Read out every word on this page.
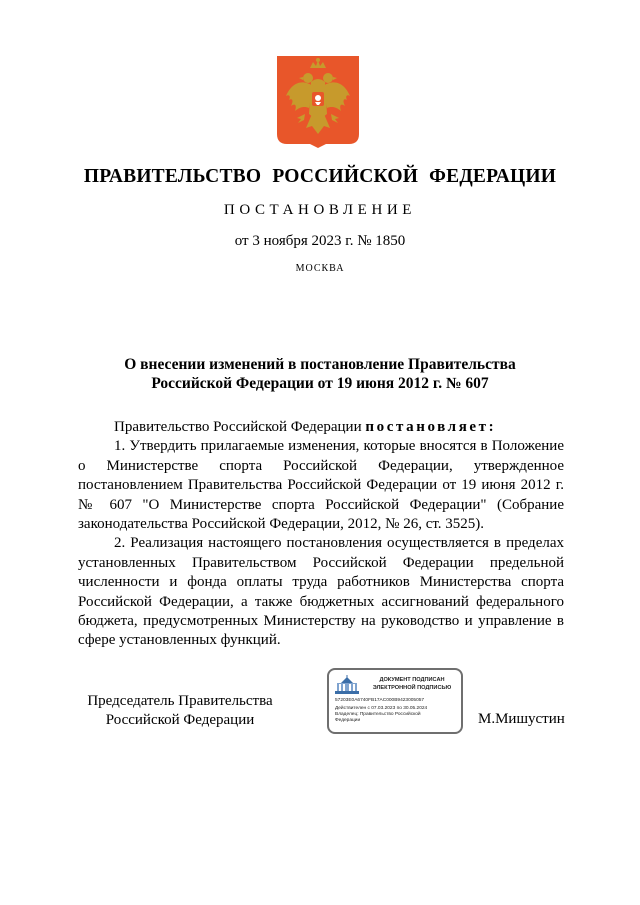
ПРАВИТЕЛЬСТВО РОССИЙСКОЙ ФЕДЕРАЦИИ
ПОСТАНОВЛЕНИЕ
от 3 ноября 2023 г. № 1850
МОСКВА
О внесении изменений в постановление Правительства
Российской Федерации от 19 июня 2012 г. № 607

Правительство Российской Федерации постановляет:

1. Утвердить прилагаемые изменения, которые вносятся в Положение о Министерстве спорта Российской Федерации, утвержденное постановлением Правительства Российской Федерации от 19 июня 2012 г. № 607 "О Министерстве спорта Российской Федерации" (Собрание законодательства Российской Федерации, 2012, № 26, ст. 3525).

2. Реализация настоящего постановления осуществляется в пределах установленных Правительством Российской Федерации предельной численности и фонда оплаты труда работников Министерства спорта Российской Федерации, а также бюджетных ассигнований федерального бюджета, предусмотренных Министерству на руководство и управление в сфере установленных функций.

Председатель Правительства
Российской Федерации
ДОКУМЕНТ ПОДПИСАН
ЭЛЕКТРОННОЙ ПОДПИСЬЮ
57203E0A6740FB17AC000B9423005057
Действителен с 07.03.2023 по 30.05.2024
Владелец: Правительство Российской
Федерации	М.Мишустин
